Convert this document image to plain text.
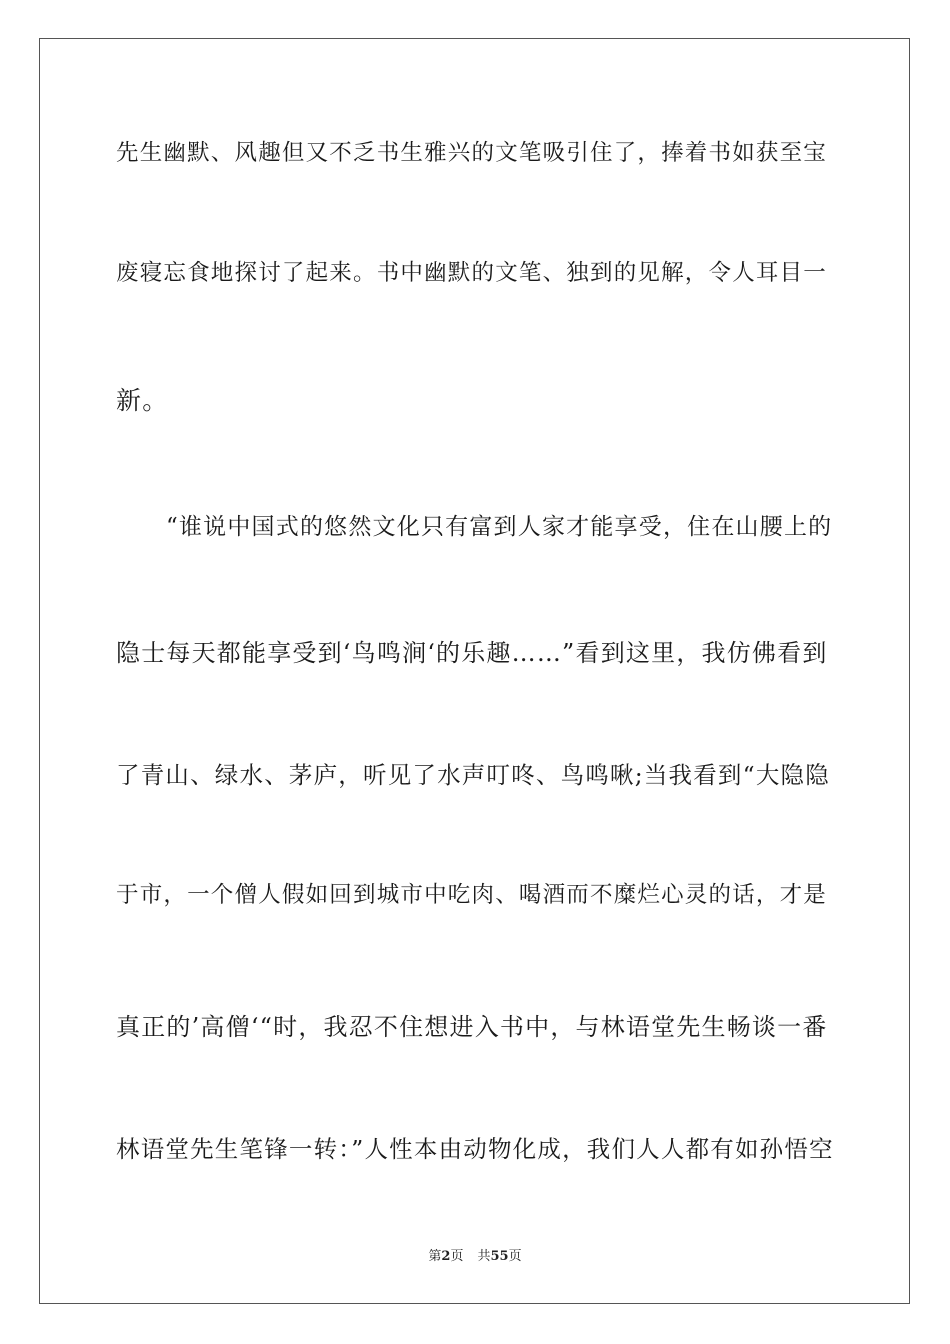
先生幽默、风趣但又不乏书生雅兴的文笔吸引住了，捧着书如获至宝
废寝忘食地探讨了起来。书中幽默的文笔、独到的见解，令人耳目一
新。
“谁说中国式的悠然文化只有富到人家才能享受，住在山腰上的
隐士每天都能享受到‘鸟鸣涧‘的乐趣……”看到这里，我仿佛看到
了青山、绿水、茅庐，听见了水声叮咚、鸟鸣啾;当我看到“大隐隐
于市，一个僧人假如回到城市中吃肉、喝酒而不糜烂心灵的话，才是
真正的’高僧‘“时，我忍不住想进入书中，与林语堂先生畅谈一番
林语堂先生笔锋一转：”人性本由动物化成，我们人人都有如孙悟空
第2页 共55页
